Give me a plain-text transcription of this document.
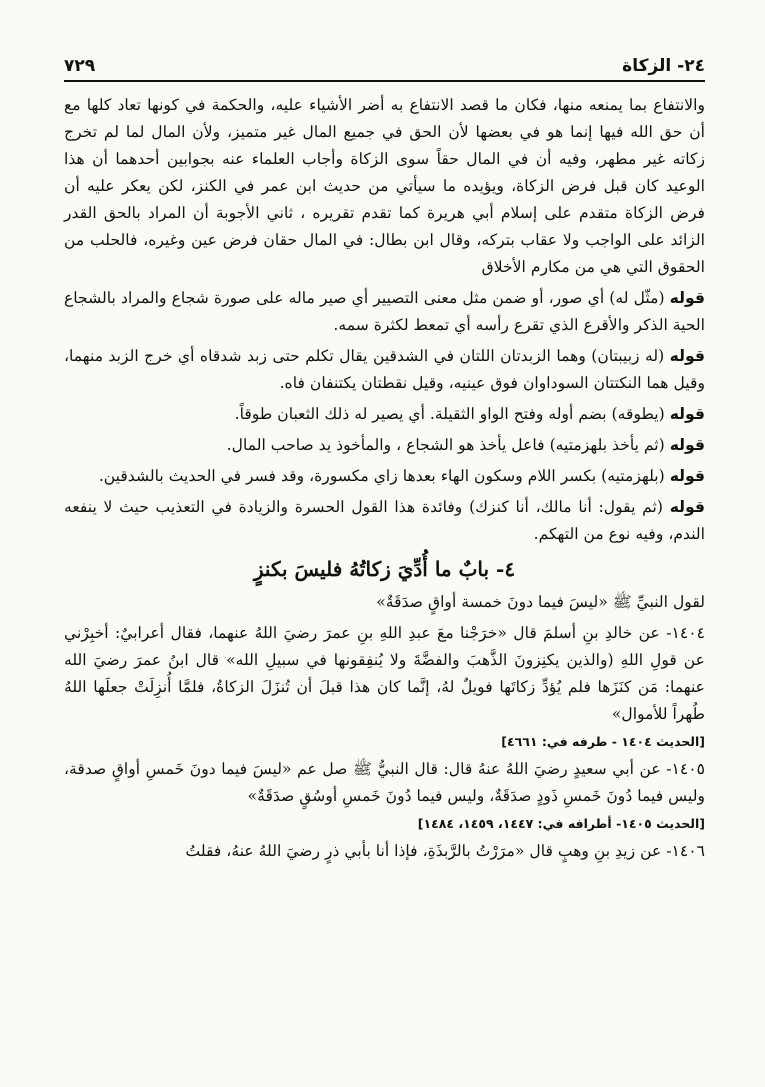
٢٤- الزكاة
٧٢٩

والانتفاع بما يمنعه منها، فكان ما قصد الانتفاع به أضر الأشياء عليه، والحكمة في كونها تعاد كلها مع أن حق الله فيها إنما هو في بعضها لأن الحق في جميع المال غير متميز، ولأن المال لما لم تخرج زكاته غير مطهر، وفيه أن في المال حقاً سوى الزكاة وأجاب العلماء عنه بجوابين أحدهما أن هذا الوعيد كان قبل فرض الزكاة، ويؤيده ما سيأتي من حديث ابن عمر في الكنز، لكن يعكر عليه أن فرض الزكاة متقدم على إسلام أبي هريرة كما تقدم تقريره ، ثاني الأجوبة أن المراد بالحق القدر الزائد على الواجب ولا عقاب بتركه، وقال ابن بطال: في المال حقان فرض عين وغيره، فالحلب من الحقوق التي هي من مكارم الأخلاق

قوله (مثّل له) أي صور، أو ضمن مثل معنى التصيير أي صير ماله على صورة شجاع والمراد بالشجاع الحية الذكر والأقرع الذي تقرع رأسه أي تمعط لكثرة سمه.

قوله (له زبيبتان) وهما الزبدتان اللتان في الشدقين يقال تكلم حتى زبد شدقاه أي خرج الزبد منهما، وقيل هما النكتتان السوداوان فوق عينيه، وقيل نقطتان يكتنفان فاه.

قوله (يطوقه) بضم أوله وفتح الواو الثقيلة. أي يصير له ذلك الثعبان طوقاً.

قوله (ثم يأخذ بلهزمتيه) فاعل يأخذ هو الشجاع ، والمأخوذ يد صاحب المال.

قوله (بلهزمتيه) بكسر اللام وسكون الهاء بعدها زاي مكسورة، وقد فسر في الحديث بالشدقين.

قوله (ثم يقول: أنا مالك، أنا كنزك) وفائدة هذا القول الحسرة والزيادة في التعذيب حيث لا ينفعه الندم، وفيه نوع من التهكم.

٤- بابٌ ما أُدِّيَ زكاتُهُ فليسَ بكنزٍ

لقول النبيِّ ﷺ «ليسَ فيما دونَ خمسة أواقٍ صدَقَةٌ»

١٤٠٤- عن خالدِ بنِ أسلمَ قال «خرَجْنا معَ عبدِ اللهِ بنِ عمرَ رضيَ اللهُ عنهما، فقال أعرابيٌ: أخبِرْني عن قولِ اللهِ (والذين يكنِزونَ الذَّهبَ والفضَّةَ ولا يُنفِقونها في سبيلِ الله» قال ابنُ عمرَ رضيَ الله عنهما: مَن كنَزَها فلم يُؤدِّ زكاتَها فويلٌ لهُ، إنَّما كان هذا قبلَ أن تُنزَلَ الزكاةُ، فلمَّا أُنزِلَتْ جعلَها اللهُ طُهراً للأموال»

[الحديث ١٤٠٤ - طرفه في: ٤٦٦١]

١٤٠٥- عن أبي سعيدٍ رضيَ اللهُ عنهُ قال: قال النبيُّ ﷺ صل عم «ليسَ فيما دونَ خَمسِ أواقٍ صدقة، وليس فيما دُونَ خَمسِ ذَودٍ صدَقَةٌ، وليس فيما دُونَ خَمسِ أوسُقٍ صدَقَةٌ»

[الحديث ١٤٠٥- أطرافه في: ١٤٤٧، ١٤٥٩، ١٤٨٤]

١٤٠٦- عن زيدِ بنِ وهبٍ قال «مرَرْتُ بالرَّبذَةِ، فإذا أنا بأبي ذرٍ رضيَ اللهُ عنهُ، فقلتُ
